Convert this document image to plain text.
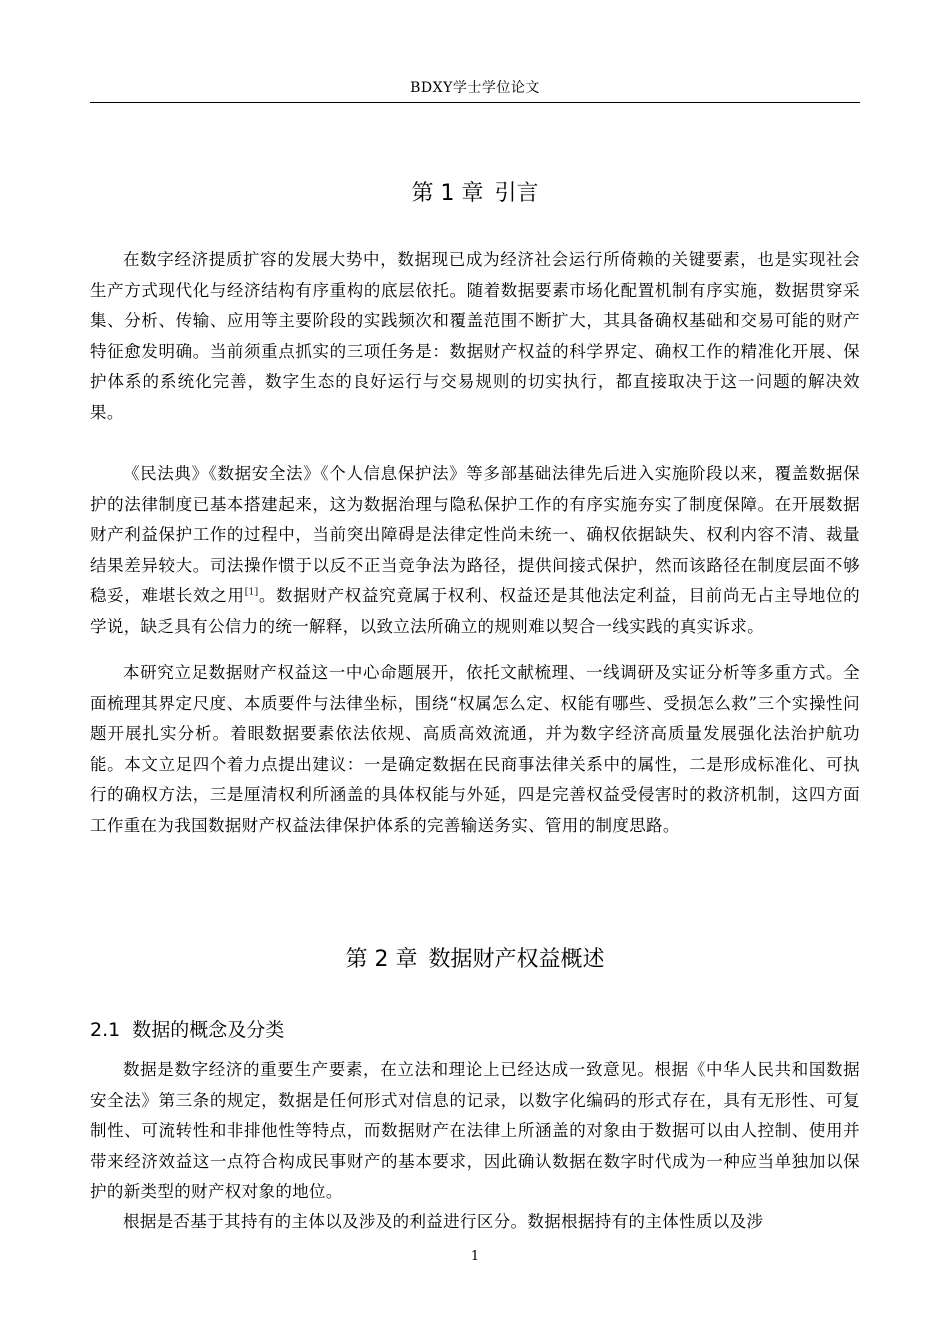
BDXY学士学位论文
第 1 章 引言

在数字经济提质扩容的发展大势中，数据现已成为经济社会运行所倚赖的关键要素，也是实现社会生产方式现代化与经济结构有序重构的底层依托。随着数据要素市场化配置机制有序实施，数据贯穿采集、分析、传输、应用等主要阶段的实践频次和覆盖范围不断扩大，其具备确权基础和交易可能的财产特征愈发明确。当前须重点抓实的三项任务是：数据财产权益的科学界定、确权工作的精准化开展、保护体系的系统化完善，数字生态的良好运行与交易规则的切实执行，都直接取决于这一问题的解决效果。

《民法典》《数据安全法》《个人信息保护法》等多部基础法律先后进入实施阶段以来，覆盖数据保护的法律制度已基本搭建起来，这为数据治理与隐私保护工作的有序实施夯实了制度保障。在开展数据财产利益保护工作的过程中，当前突出障碍是法律定性尚未统一、确权依据缺失、权利内容不清、裁量结果差异较大。司法操作惯于以反不正当竞争法为路径，提供间接式保护，然而该路径在制度层面不够稳妥，难堪长效之用[1]。数据财产权益究竟属于权利、权益还是其他法定利益，目前尚无占主导地位的学说，缺乏具有公信力的统一解释，以致立法所确立的规则难以契合一线实践的真实诉求。

本研究立足数据财产权益这一中心命题展开，依托文献梳理、一线调研及实证分析等多重方式。全面梳理其界定尺度、本质要件与法律坐标，围绕“权属怎么定、权能有哪些、受损怎么救”三个实操性问题开展扎实分析。着眼数据要素依法依规、高质高效流通，并为数字经济高质量发展强化法治护航功能。本文立足四个着力点提出建议：一是确定数据在民商事法律关系中的属性，二是形成标准化、可执行的确权方法，三是厘清权利所涵盖的具体权能与外延，四是完善权益受侵害时的救济机制，这四方面工作重在为我国数据财产权益法律保护体系的完善输送务实、管用的制度思路。

第 2 章 数据财产权益概述
2.1 数据的概念及分类

数据是数字经济的重要生产要素，在立法和理论上已经达成一致意见。根据《中华人民共和国数据安全法》第三条的规定，数据是任何形式对信息的记录，以数字化编码的形式存在，具有无形性、可复制性、可流转性和非排他性等特点，而数据财产在法律上所涵盖的对象由于数据可以由人控制、使用并带来经济效益这一点符合构成民事财产的基本要求，因此确认数据在数字时代成为一种应当单独加以保护的新类型的财产权对象的地位。

根据是否基于其持有的主体以及涉及的利益进行区分。数据根据持有的主体性质以及涉

1
